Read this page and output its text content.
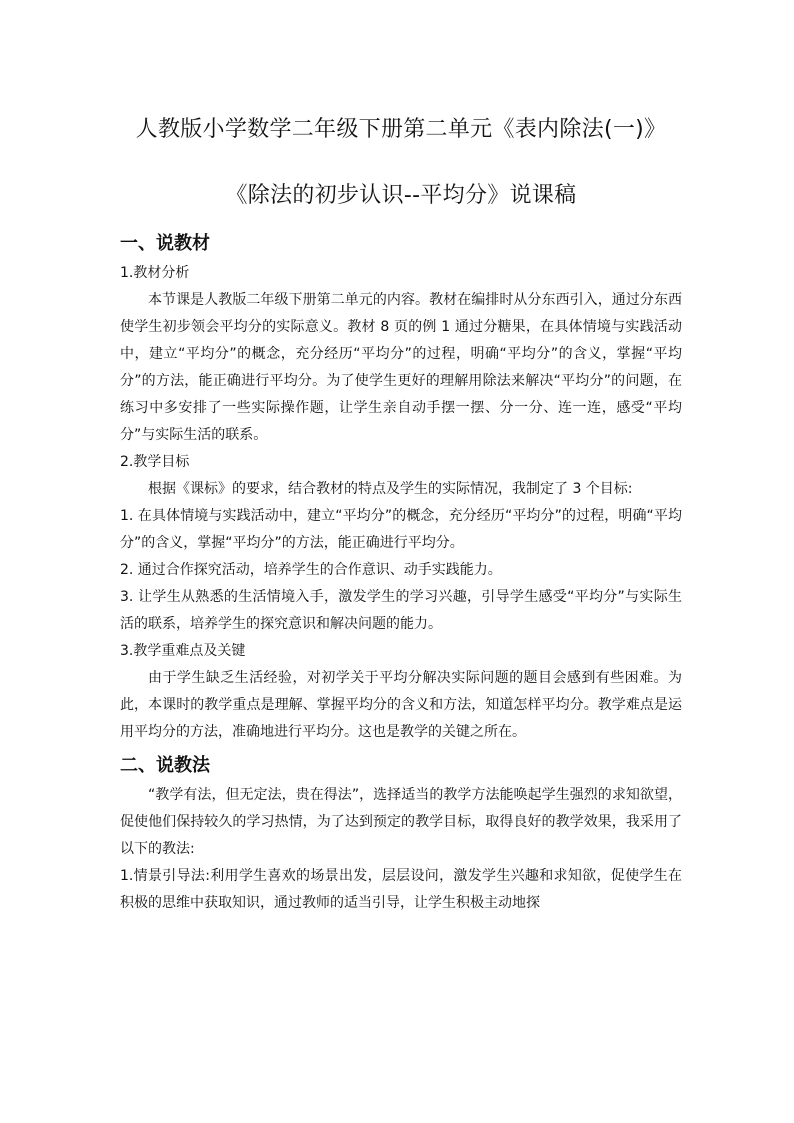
人教版小学数学二年级下册第二单元《表内除法(一)》
《除法的初步认识--平均分》说课稿
一、说教材

1.教材分析

本节课是人教版二年级下册第二单元的内容。教材在编排时从分东西引入，通过分东西使学生初步领会平均分的实际意义。教材 8 页的例 1 通过分糖果，在具体情境与实践活动中，建立“平均分”的概念，充分经历“平均分”的过程，明确“平均分”的含义，掌握“平均分”的方法，能正确进行平均分。为了使学生更好的理解用除法来解决“平均分”的问题，在练习中多安排了一些实际操作题，让学生亲自动手摆一摆、分一分、连一连，感受“平均分”与实际生活的联系。

2.教学目标

根据《课标》的要求，结合教材的特点及学生的实际情况，我制定了 3 个目标:

1. 在具体情境与实践活动中，建立“平均分”的概念，充分经历“平均分”的过程，明确“平均分”的含义，掌握“平均分”的方法，能正确进行平均分。

2. 通过合作探究活动，培养学生的合作意识、动手实践能力。

3. 让学生从熟悉的生活情境入手，激发学生的学习兴趣，引导学生感受“平均分”与实际生活的联系，培养学生的探究意识和解决问题的能力。

3.教学重难点及关键

由于学生缺乏生活经验，对初学关于平均分解决实际问题的题目会感到有些困难。为此，本课时的教学重点是理解、掌握平均分的含义和方法，知道怎样平均分。教学难点是运用平均分的方法，准确地进行平均分。这也是教学的关键之所在。

二、说教法

“教学有法，但无定法，贵在得法”，选择适当的教学方法能唤起学生强烈的求知欲望，促使他们保持较久的学习热情，为了达到预定的教学目标，取得良好的教学效果，我采用了以下的教法:

1.情景引导法:利用学生喜欢的场景出发，层层设问，激发学生兴趣和求知欲，促使学生在积极的思维中获取知识，通过教师的适当引导，让学生积极主动地探
